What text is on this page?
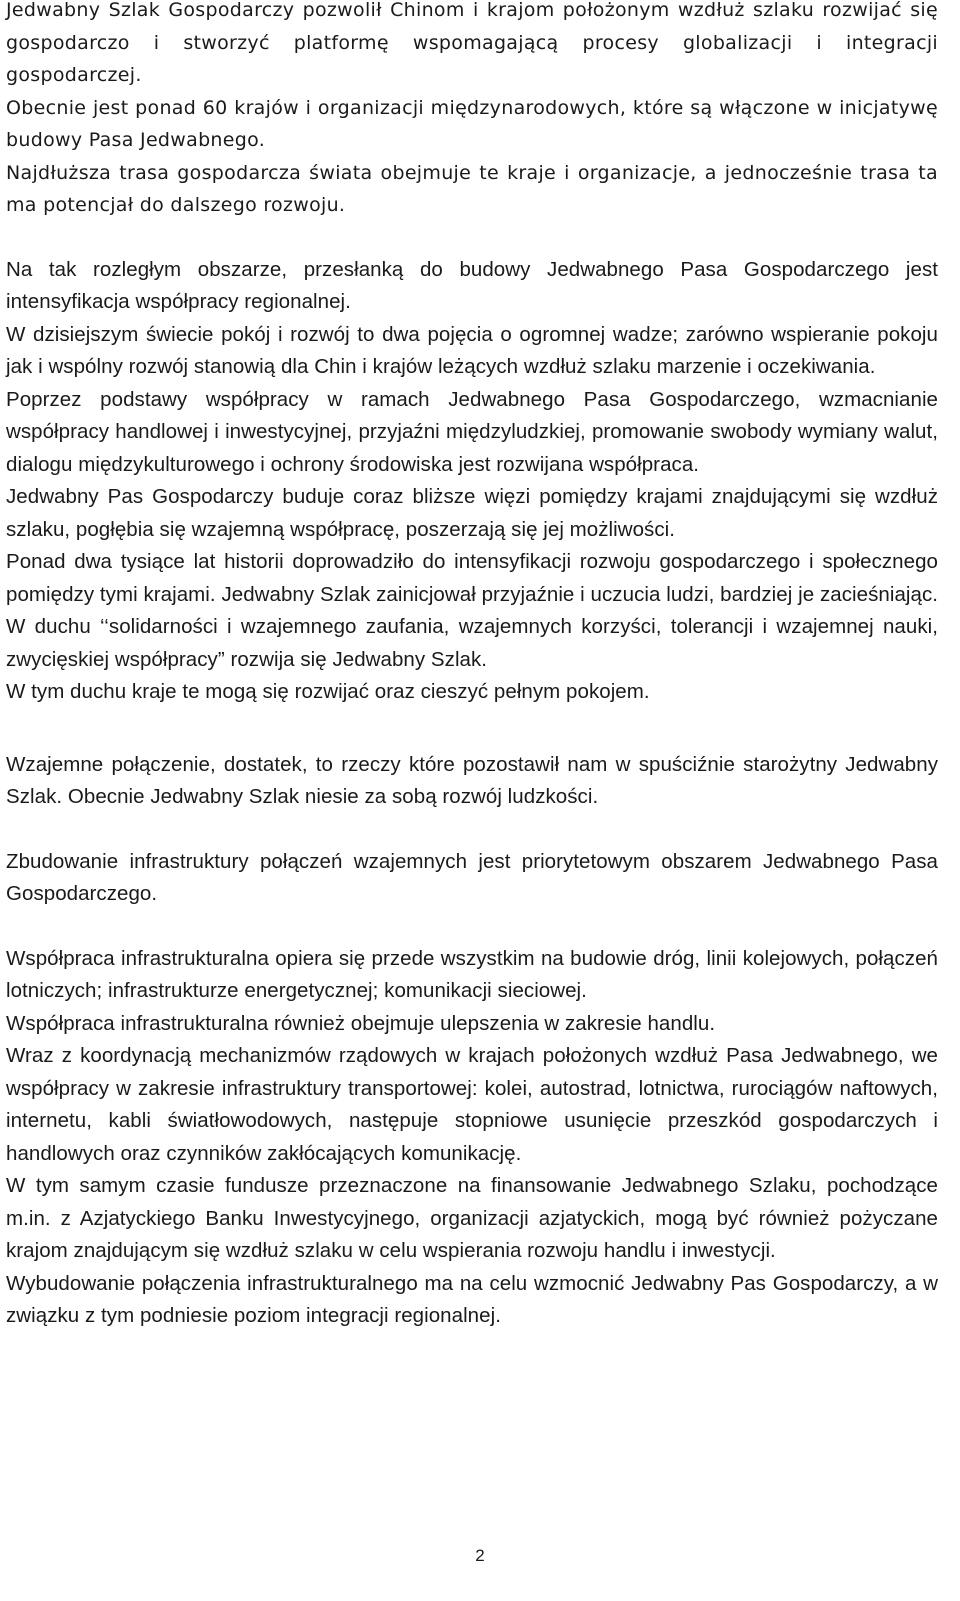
Jedwabny Szlak Gospodarczy pozwolił Chinom i krajom położonym wzdłuż szlaku rozwijać się gospodarczo i stworzyć platformę wspomagającą procesy globalizacji i integracji gospodarczej.

Obecnie jest ponad 60 krajów i organizacji międzynarodowych, które są włączone w inicjatywę budowy Pasa Jedwabnego.

Najdłuższa trasa gospodarcza świata obejmuje te kraje i organizacje, a jednocześnie trasa ta ma potencjał do dalszego rozwoju.

Na tak rozległym obszarze, przesłanką do budowy Jedwabnego Pasa Gospodarczego jest intensyfikacja współpracy regionalnej.

W dzisiejszym świecie pokój i rozwój to dwa pojęcia o ogromnej wadze; zarówno wspieranie pokoju jak i wspólny rozwój stanowią dla Chin i krajów leżących wzdłuż szlaku marzenie i oczekiwania.

Poprzez podstawy współpracy w ramach Jedwabnego Pasa Gospodarczego, wzmacnianie współpracy handlowej i inwestycyjnej, przyjaźni międzyludzkiej, promowanie swobody wymiany walut, dialogu międzykulturowego i ochrony środowiska jest rozwijana współpraca.

Jedwabny Pas Gospodarczy buduje coraz bliższe więzi pomiędzy krajami znajdującymi się wzdłuż szlaku, pogłębia się wzajemną współpracę, poszerzają się jej możliwości.

Ponad dwa tysiące lat historii doprowadziło do intensyfikacji rozwoju gospodarczego i społecznego pomiędzy tymi krajami. Jedwabny Szlak zainicjował przyjaźnie i uczucia ludzi, bardziej je zacieśniając. W duchu ‘‘solidarności i wzajemnego zaufania, wzajemnych korzyści, tolerancji i wzajemnej nauki, zwycięskiej współpracy” rozwija się Jedwabny Szlak.

W tym duchu kraje te mogą się rozwijać oraz cieszyć pełnym pokojem.

Wzajemne połączenie, dostatek, to rzeczy które pozostawił nam w spuściźnie starożytny Jedwabny Szlak. Obecnie Jedwabny Szlak niesie za sobą rozwój ludzkości.

Zbudowanie infrastruktury połączeń wzajemnych jest priorytetowym obszarem Jedwabnego Pasa Gospodarczego.

Współpraca infrastrukturalna opiera się przede wszystkim na budowie dróg, linii kolejowych, połączeń lotniczych; infrastrukturze energetycznej; komunikacji sieciowej.

Współpraca infrastrukturalna również obejmuje ulepszenia w zakresie handlu.

Wraz z koordynacją mechanizmów rządowych w krajach położonych wzdłuż Pasa Jedwabnego, we współpracy w zakresie infrastruktury transportowej: kolei, autostrad, lotnictwa, rurociągów naftowych, internetu, kabli światłowodowych, następuje stopniowe usunięcie przeszkód gospodarczych i handlowych oraz czynników zakłócających komunikację.

W tym samym czasie fundusze przeznaczone na finansowanie Jedwabnego Szlaku, pochodzące m.in. z Azjatyckiego Banku Inwestycyjnego, organizacji azjatyckich, mogą być również pożyczane krajom znajdującym się wzdłuż szlaku w celu wspierania rozwoju handlu i inwestycji.

Wybudowanie połączenia infrastrukturalnego ma na celu wzmocnić Jedwabny Pas Gospodarczy, a w związku z tym podniesie poziom integracji regionalnej.

2
